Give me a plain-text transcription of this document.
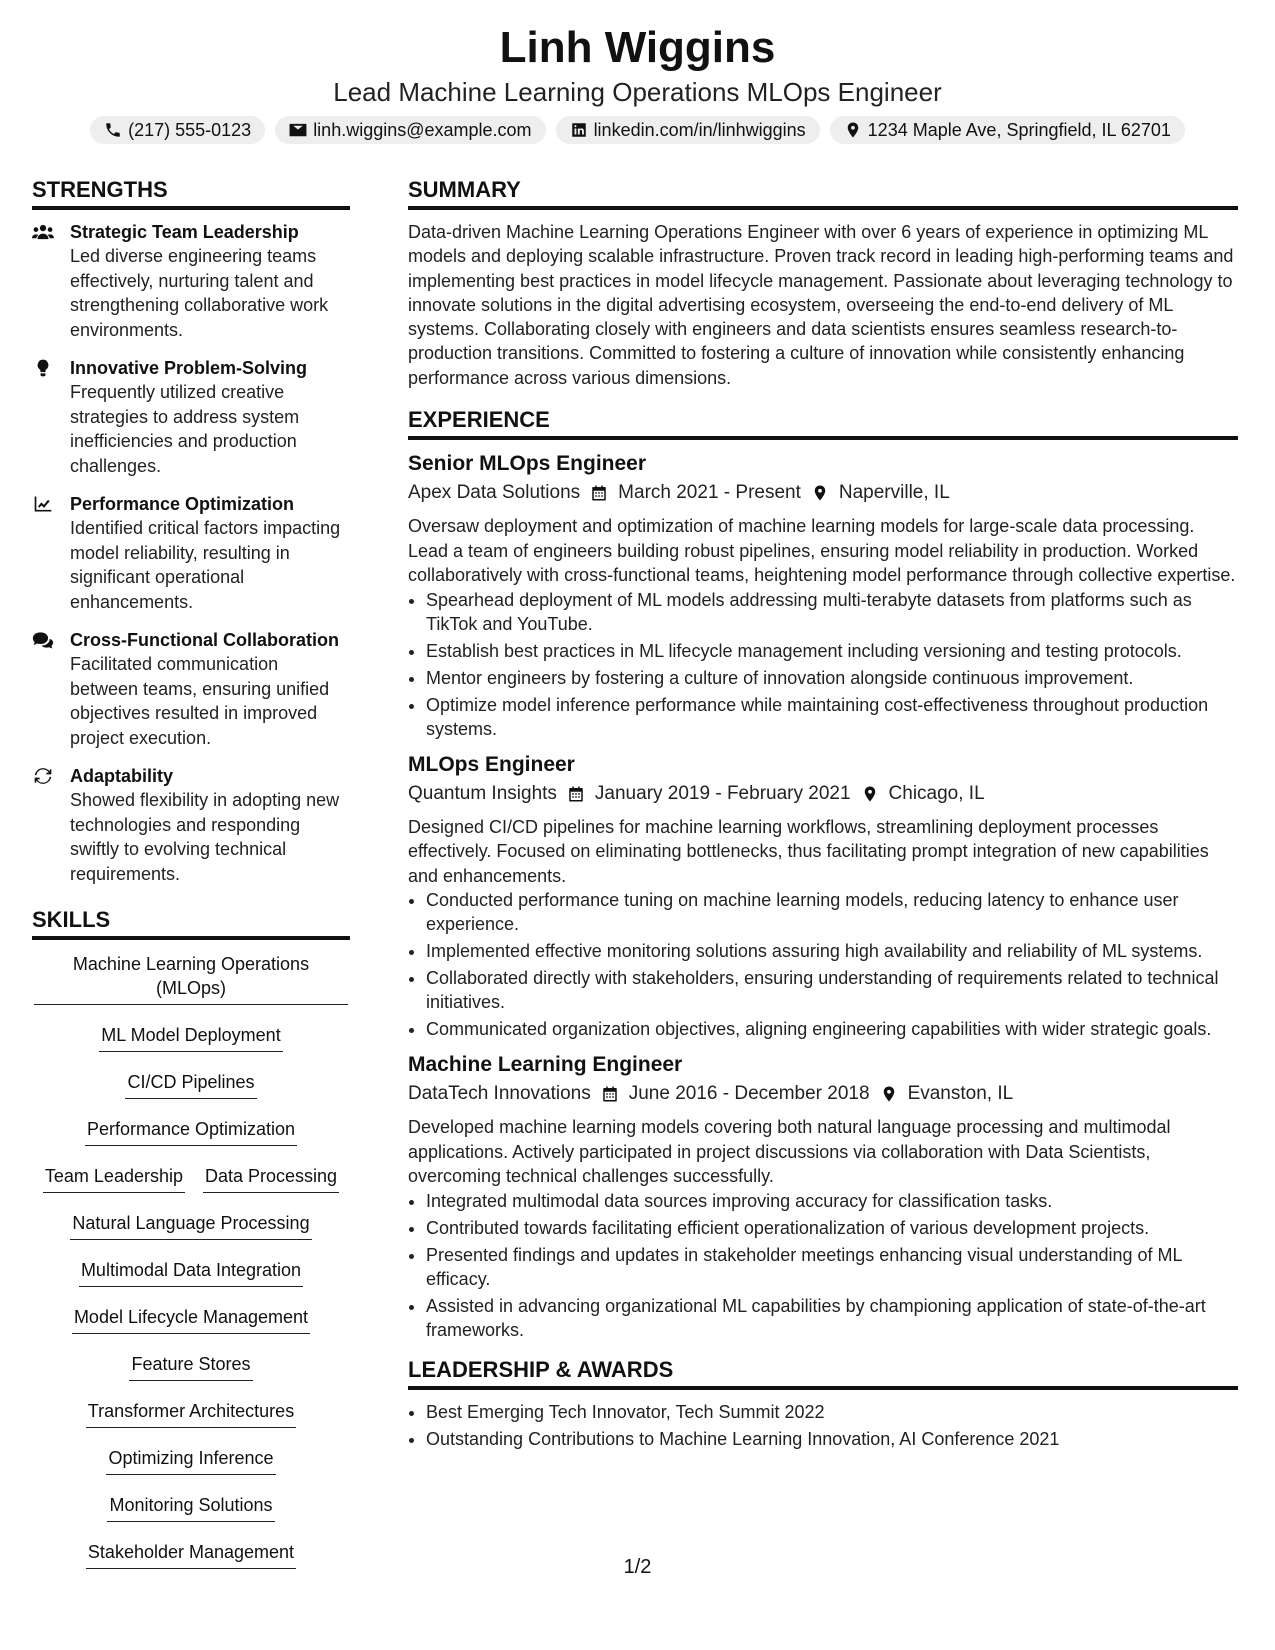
Linh Wiggins

Lead Machine Learning Operations MLOps Engineer

(217) 555-0123	linh.wiggins@example.com	linkedin.com/in/linhwiggins	1234 Maple Ave, Springfield, IL 62701
STRENGTHS
Strategic Team Leadership
Led diverse engineering teams effectively, nurturing talent and strengthening collaborative work environments.
Innovative Problem-Solving
Frequently utilized creative strategies to address system inefficiencies and production challenges.
Performance Optimization
Identified critical factors impacting model reliability, resulting in significant operational enhancements.
Cross-Functional Collaboration
Facilitated communication between teams, ensuring unified objectives resulted in improved project execution.
Adaptability
Showed flexibility in adopting new technologies and responding swiftly to evolving technical requirements.
SKILLS
Machine Learning Operations (MLOps)
ML Model Deployment
CI/CD Pipelines
Performance Optimization
Team Leadership Data Processing
Natural Language Processing
Multimodal Data Integration
Model Lifecycle Management
Feature Stores
Transformer Architectures
Optimizing Inference
Monitoring Solutions
Stakeholder Management
SUMMARY

Data-driven Machine Learning Operations Engineer with over 6 years of experience in optimizing ML models and deploying scalable infrastructure. Proven track record in leading high-performing teams and implementing best practices in model lifecycle management. Passionate about leveraging technology to innovate solutions in the digital advertising ecosystem, overseeing the end-to-end delivery of ML systems. Collaborating closely with engineers and data scientists ensures seamless research-to-production transitions. Committed to fostering a culture of innovation while consistently enhancing performance across various dimensions.

EXPERIENCE
Senior MLOps Engineer
Apex Data Solutions March 2021 - Present Naperville, IL

Oversaw deployment and optimization of machine learning models for large-scale data processing. Lead a team of engineers building robust pipelines, ensuring model reliability in production. Worked collaboratively with cross-functional teams, heightening model performance through collective expertise.

• Spearhead deployment of ML models addressing multi-terabyte datasets from platforms such as TikTok and YouTube.
• Establish best practices in ML lifecycle management including versioning and testing protocols.
• Mentor engineers by fostering a culture of innovation alongside continuous improvement.
• Optimize model inference performance while maintaining cost-effectiveness throughout production systems.
MLOps Engineer
Quantum Insights January 2019 - February 2021 Chicago, IL

Designed CI/CD pipelines for machine learning workflows, streamlining deployment processes effectively. Focused on eliminating bottlenecks, thus facilitating prompt integration of new capabilities and enhancements.

• Conducted performance tuning on machine learning models, reducing latency to enhance user experience.
• Implemented effective monitoring solutions assuring high availability and reliability of ML systems.
• Collaborated directly with stakeholders, ensuring understanding of requirements related to technical initiatives.
• Communicated organization objectives, aligning engineering capabilities with wider strategic goals.
Machine Learning Engineer
DataTech Innovations June 2016 - December 2018 Evanston, IL

Developed machine learning models covering both natural language processing and multimodal applications. Actively participated in project discussions via collaboration with Data Scientists, overcoming technical challenges successfully.

• Integrated multimodal data sources improving accuracy for classification tasks.
• Contributed towards facilitating efficient operationalization of various development projects.
• Presented findings and updates in stakeholder meetings enhancing visual understanding of ML efficacy.
• Assisted in advancing organizational ML capabilities by championing application of state-of-the-art frameworks.
LEADERSHIP & AWARDS
• Best Emerging Tech Innovator, Tech Summit 2022
• Outstanding Contributions to Machine Learning Innovation, AI Conference 2021
1/2
